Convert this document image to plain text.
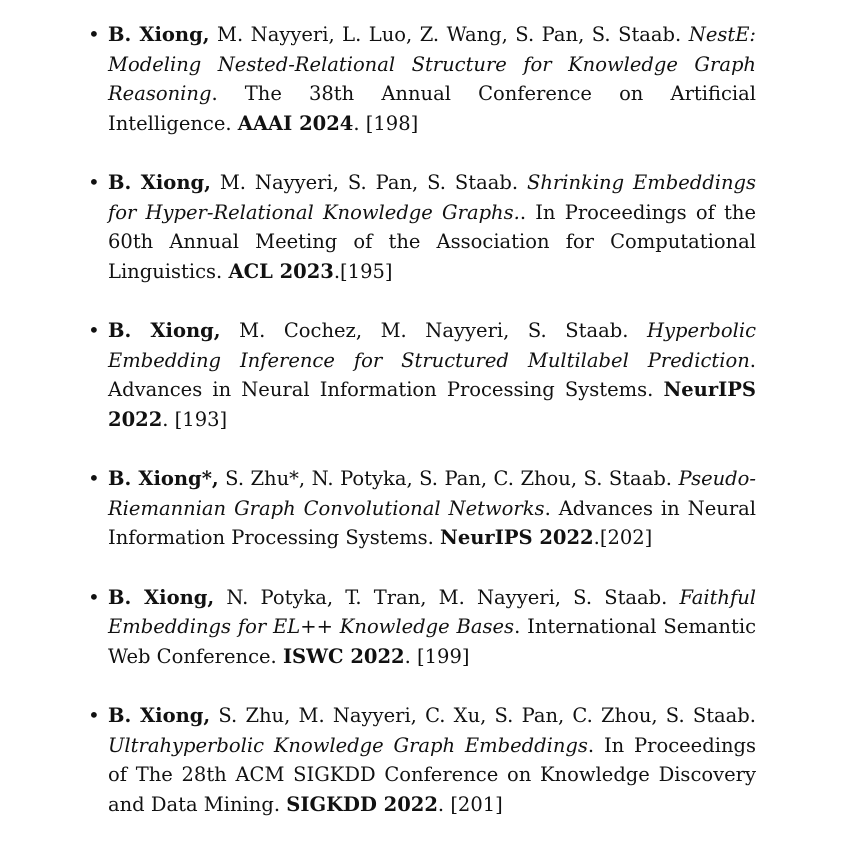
• B. Xiong, M. Nayyeri, L. Luo, Z. Wang, S. Pan, S. Staab. NestE: Modeling Nested-Relational Structure for Knowledge Graph Reasoning. The 38th Annual Conference on Artificial Intelligence. AAAI 2024. [198]
• B. Xiong, M. Nayyeri, S. Pan, S. Staab. Shrinking Embeddings for Hyper-Relational Knowledge Graphs.. In Proceedings of the 60th Annual Meeting of the Association for Computational Linguistics. ACL 2023.[195]
• B. Xiong, M. Cochez, M. Nayyeri, S. Staab. Hyperbolic Embedding Inference for Structured Multilabel Prediction. Advances in Neural Information Processing Systems. NeurIPS 2022. [193]
• B. Xiong*, S. Zhu*, N. Potyka, S. Pan, C. Zhou, S. Staab. Pseudo-Riemannian Graph Convolutional Networks. Advances in Neural Information Processing Systems. NeurIPS 2022.[202]
• B. Xiong, N. Potyka, T. Tran, M. Nayyeri, S. Staab. Faithful Embeddings for EL++ Knowledge Bases. International Semantic Web Conference. ISWC 2022. [199]
• B. Xiong, S. Zhu, M. Nayyeri, C. Xu, S. Pan, C. Zhou, S. Staab. Ultrahyperbolic Knowledge Graph Embeddings. In Proceedings of The 28th ACM SIGKDD Conference on Knowledge Discovery and Data Mining. SIGKDD 2022. [201]
